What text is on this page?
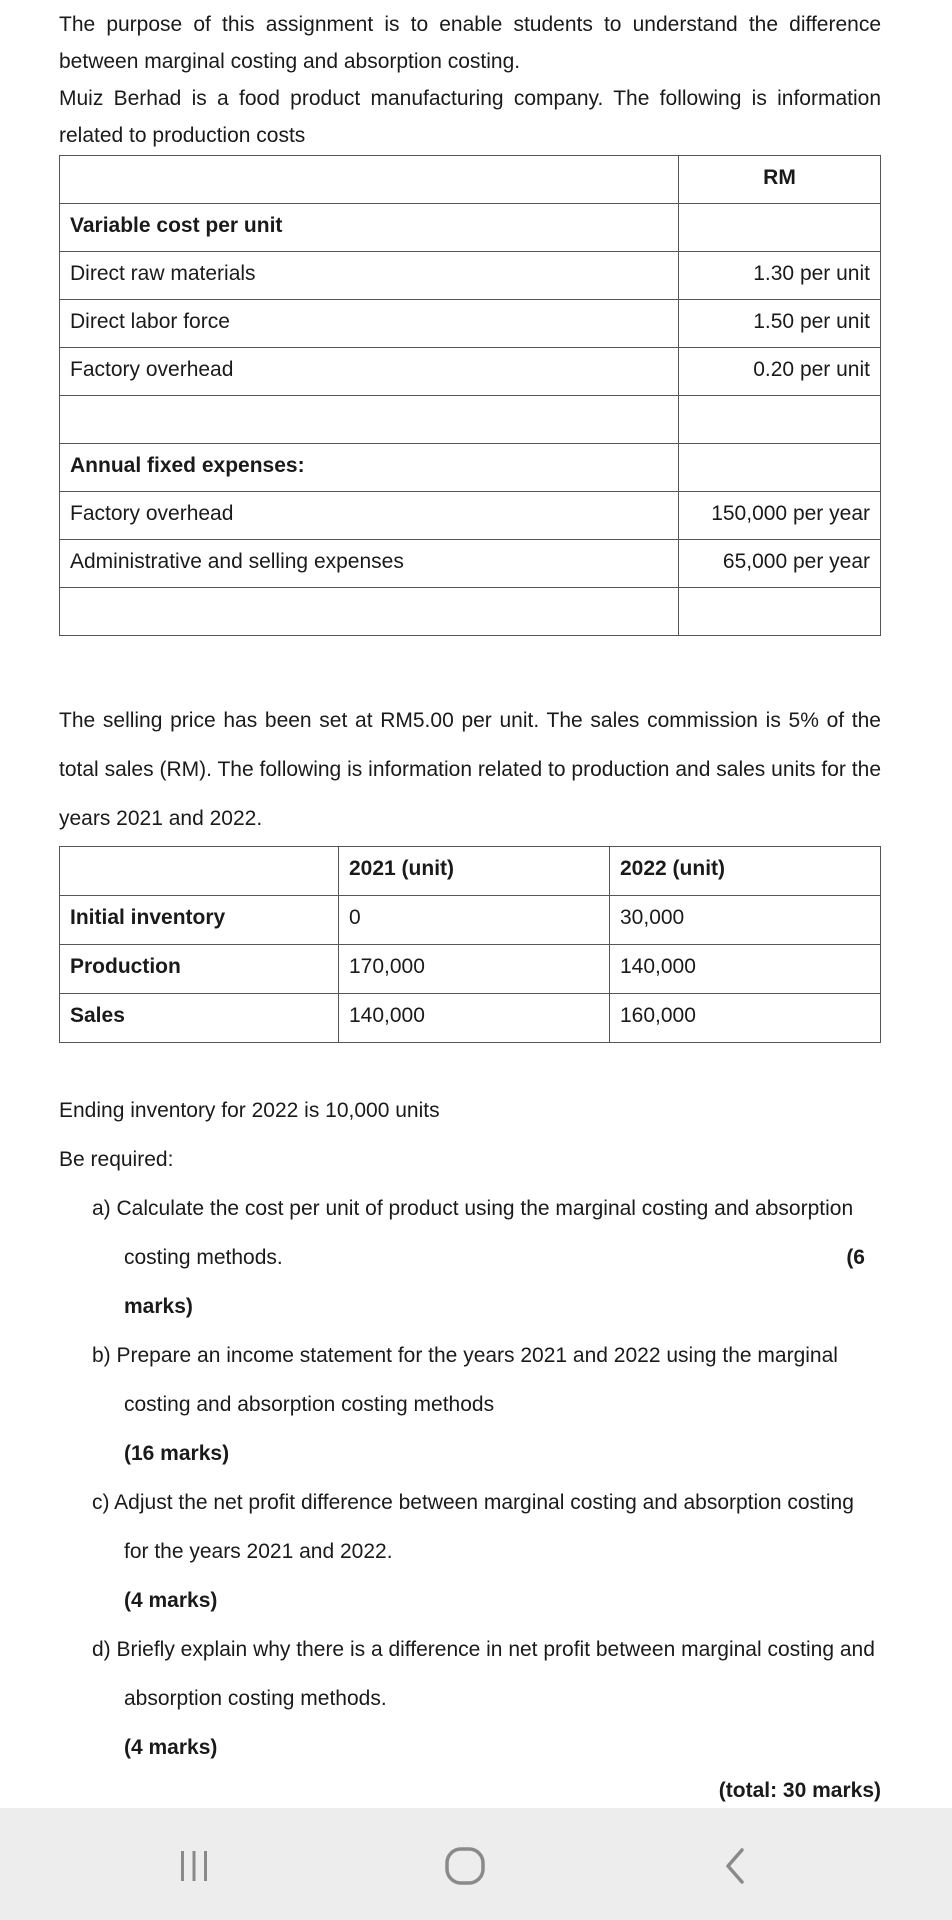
The purpose of this assignment is to enable students to understand the difference between marginal costing and absorption costing.

Muiz Berhad is a food product manufacturing company. The following is information related to production costs

	RM
Variable cost per unit	
Direct raw materials	1.30 per unit
Direct labor force	1.50 per unit
Factory overhead	0.20 per unit

Annual fixed expenses:	
Factory overhead	150,000 per year
Administrative and selling expenses	65,000 per year

The selling price has been set at RM5.00 per unit. The sales commission is 5% of the total sales (RM). The following is information related to production and sales units for the years 2021 and 2022.
	2021 (unit)	2022 (unit)
Initial inventory	0	30,000
Production	170,000	140,000
Sales	140,000	160,000

Ending inventory for 2022 is 10,000 units

Be required:

a) Calculate the cost per unit of product using the marginal costing and absorption
costing methods.	(6
marks)
b) Prepare an income statement for the years 2021 and 2022 using the marginal
costing and absorption costing methods
(16 marks)
c) Adjust the net profit difference between marginal costing and absorption costing
for the years 2021 and 2022.
(4 marks)
d) Briefly explain why there is a difference in net profit between marginal costing and
absorption costing methods.
(4 marks)
(total: 30 marks)
